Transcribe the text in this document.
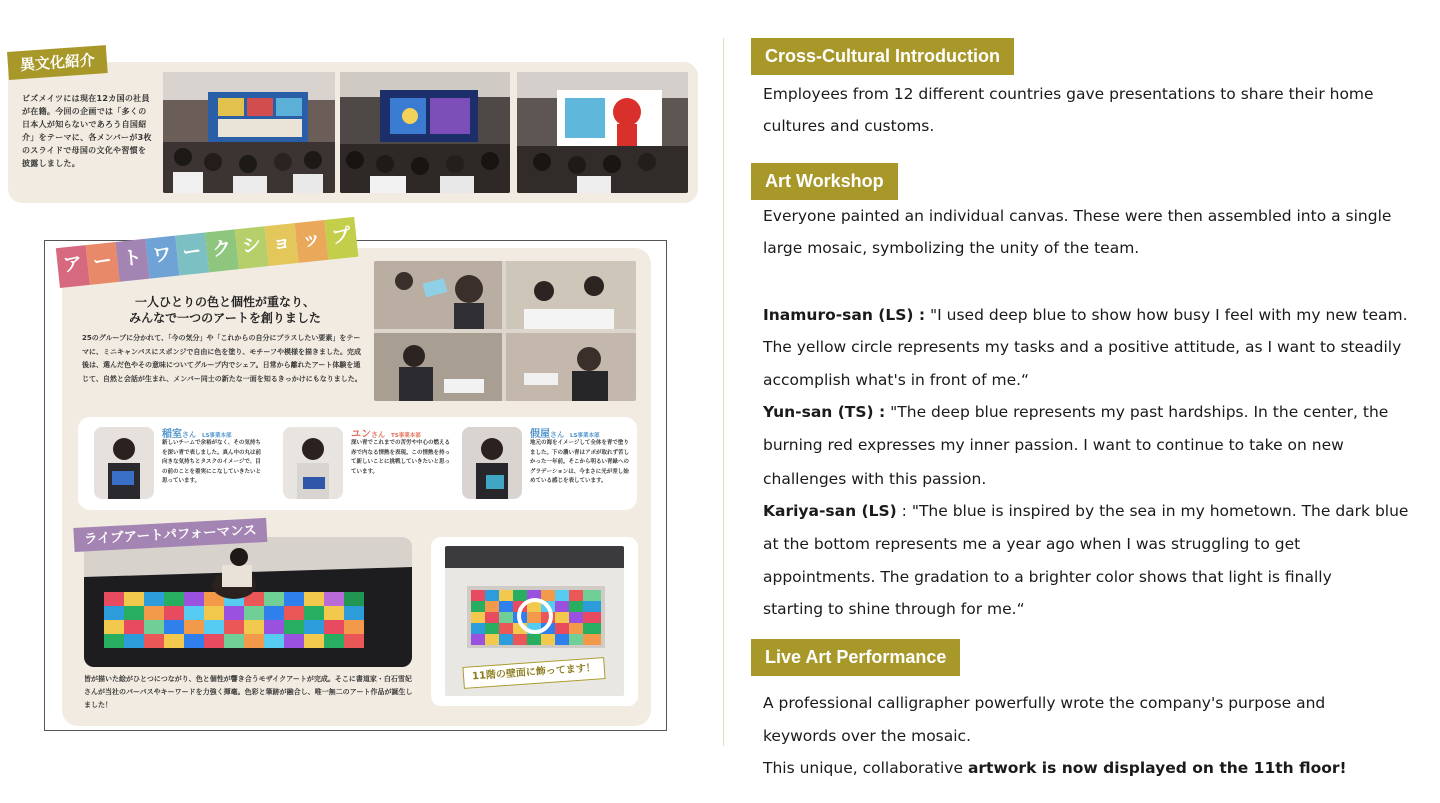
異文化紹介
ビズメイツには現在12カ国の社員が在籍。今回の企画では「多くの日本人が知らないであろう自国紹介」をテーマに、各メンバーが3枚のスライドで母国の文化や習慣を披露しました。
ア ー ト ワ ー ク シ ョ ッ プ
一人ひとりの色と個性が重なり、
みんなで一つのアートを創りました
25のグループに分かれて、「今の気分」や「これからの自分にプラスしたい要素」をテーマに、ミニキャンバスにスポンジで自由に色を塗り、モチーフや模様を描きました。完成後は、選んだ色やその意味についてグループ内でシェア。日常から離れたアート体験を通じて、自然と会話が生まれ、メンバー同士の新たな一面を知るきっかけにもなりました。
稲室さん LS事業本部
新しいチームで余裕がなく、その気持ちを深い青で表しました。真ん中の丸は前向きな気持ちとタスクのイメージで、目の前のことを着実にこなしていきたいと思っています。
ユンさん TS事業本部
深い青でこれまでの苦労や中心の燃える赤で内なる情熱を表現。この情熱を持って新しいことに挑戦していきたいと思っています。
假屋さん LS事業本部
地元の海をイメージして全体を青で塗りました。下の濃い青はアポが取れず苦しかった一年前。そこから明るい青緑へのグラデーションは、今まさに光が差し始めている感じを表しています。
ライブアートパフォーマンス
皆が描いた絵がひとつにつながり、色と個性が響き合うモザイクアートが完成。そこに書道家・白石雪妃さんが当社のパーパスやキーワードを力強く揮毫。色彩と筆跡が融合し、唯一無二のアート作品が誕生しました！
11階の壁面に飾ってます！
Cross-Cultural Introduction
Employees from 12 different countries gave presentations to share their home
cultures and customs.
Art Workshop
Everyone painted an individual canvas. These were then assembled into a single
large mosaic, symbolizing the unity of the team.
Inamuro-san (LS) : "I used deep blue to show how busy I feel with my new team.
The yellow circle represents my tasks and a positive attitude, as I want to steadily
accomplish what's in front of me.“
Yun-san (TS) : "The deep blue represents my past hardships. In the center, the
burning red expresses my inner passion. I want to continue to take on new
challenges with this passion.
Kariya-san (LS) : "The blue is inspired by the sea in my hometown. The dark blue
at the bottom represents me a year ago when I was struggling to get
appointments. The gradation to a brighter color shows that light is finally
starting to shine through for me.“
Live Art Performance
A professional calligrapher powerfully wrote the company's purpose and
keywords over the mosaic.
This unique, collaborative artwork is now displayed on the 11th floor!
